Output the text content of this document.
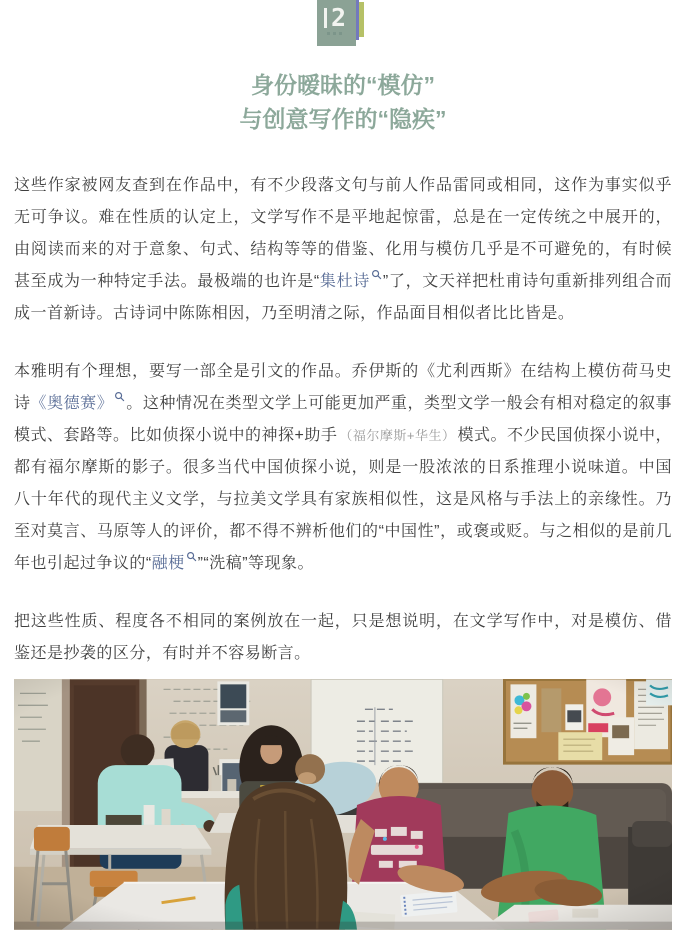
2
身份暧昧的“模仿”
与创意写作的“隐疾”

这些作家被网友查到在作品中，有不少段落文句与前人作品雷同或相同，这作为事实似乎无可争议。难在性质的认定上，文学写作不是平地起惊雷，总是在一定传统之中展开的，由阅读而来的对于意象、句式、结构等等的借鉴、化用与模仿几乎是不可避免的，有时候甚至成为一种特定手法。最极端的也许是“集杜诗 ”了，文天祥把杜甫诗句重新排列组合而成一首新诗。古诗词中陈陈相因，乃至明清之际，作品面目相似者比比皆是。

本雅明有个理想，要写一部全是引文的作品。乔伊斯的《尤利西斯》在结构上模仿荷马史诗《奥德赛》 。这种情况在类型文学上可能更加严重，类型文学一般会有相对稳定的叙事模式、套路等。比如侦探小说中的神探+助手 （福尔摩斯+华生） 模式。不少民国侦探小说中，都有福尔摩斯的影子。很多当代中国侦探小说，则是一股浓浓的日系推理小说味道。中国八十年代的现代主义文学，与拉美文学具有家族相似性，这是风格与手法上的亲缘性。乃至对莫言、马原等人的评价，都不得不辨析他们的“中国性”，或褒或贬。与之相似的是前几年也引起过争议的“融梗 ”“洗稿”等现象。

把这些性质、程度各不相同的案例放在一起，只是想说明，在文学写作中，对是模仿、借鉴还是抄袭的区分，有时并不容易断言。
